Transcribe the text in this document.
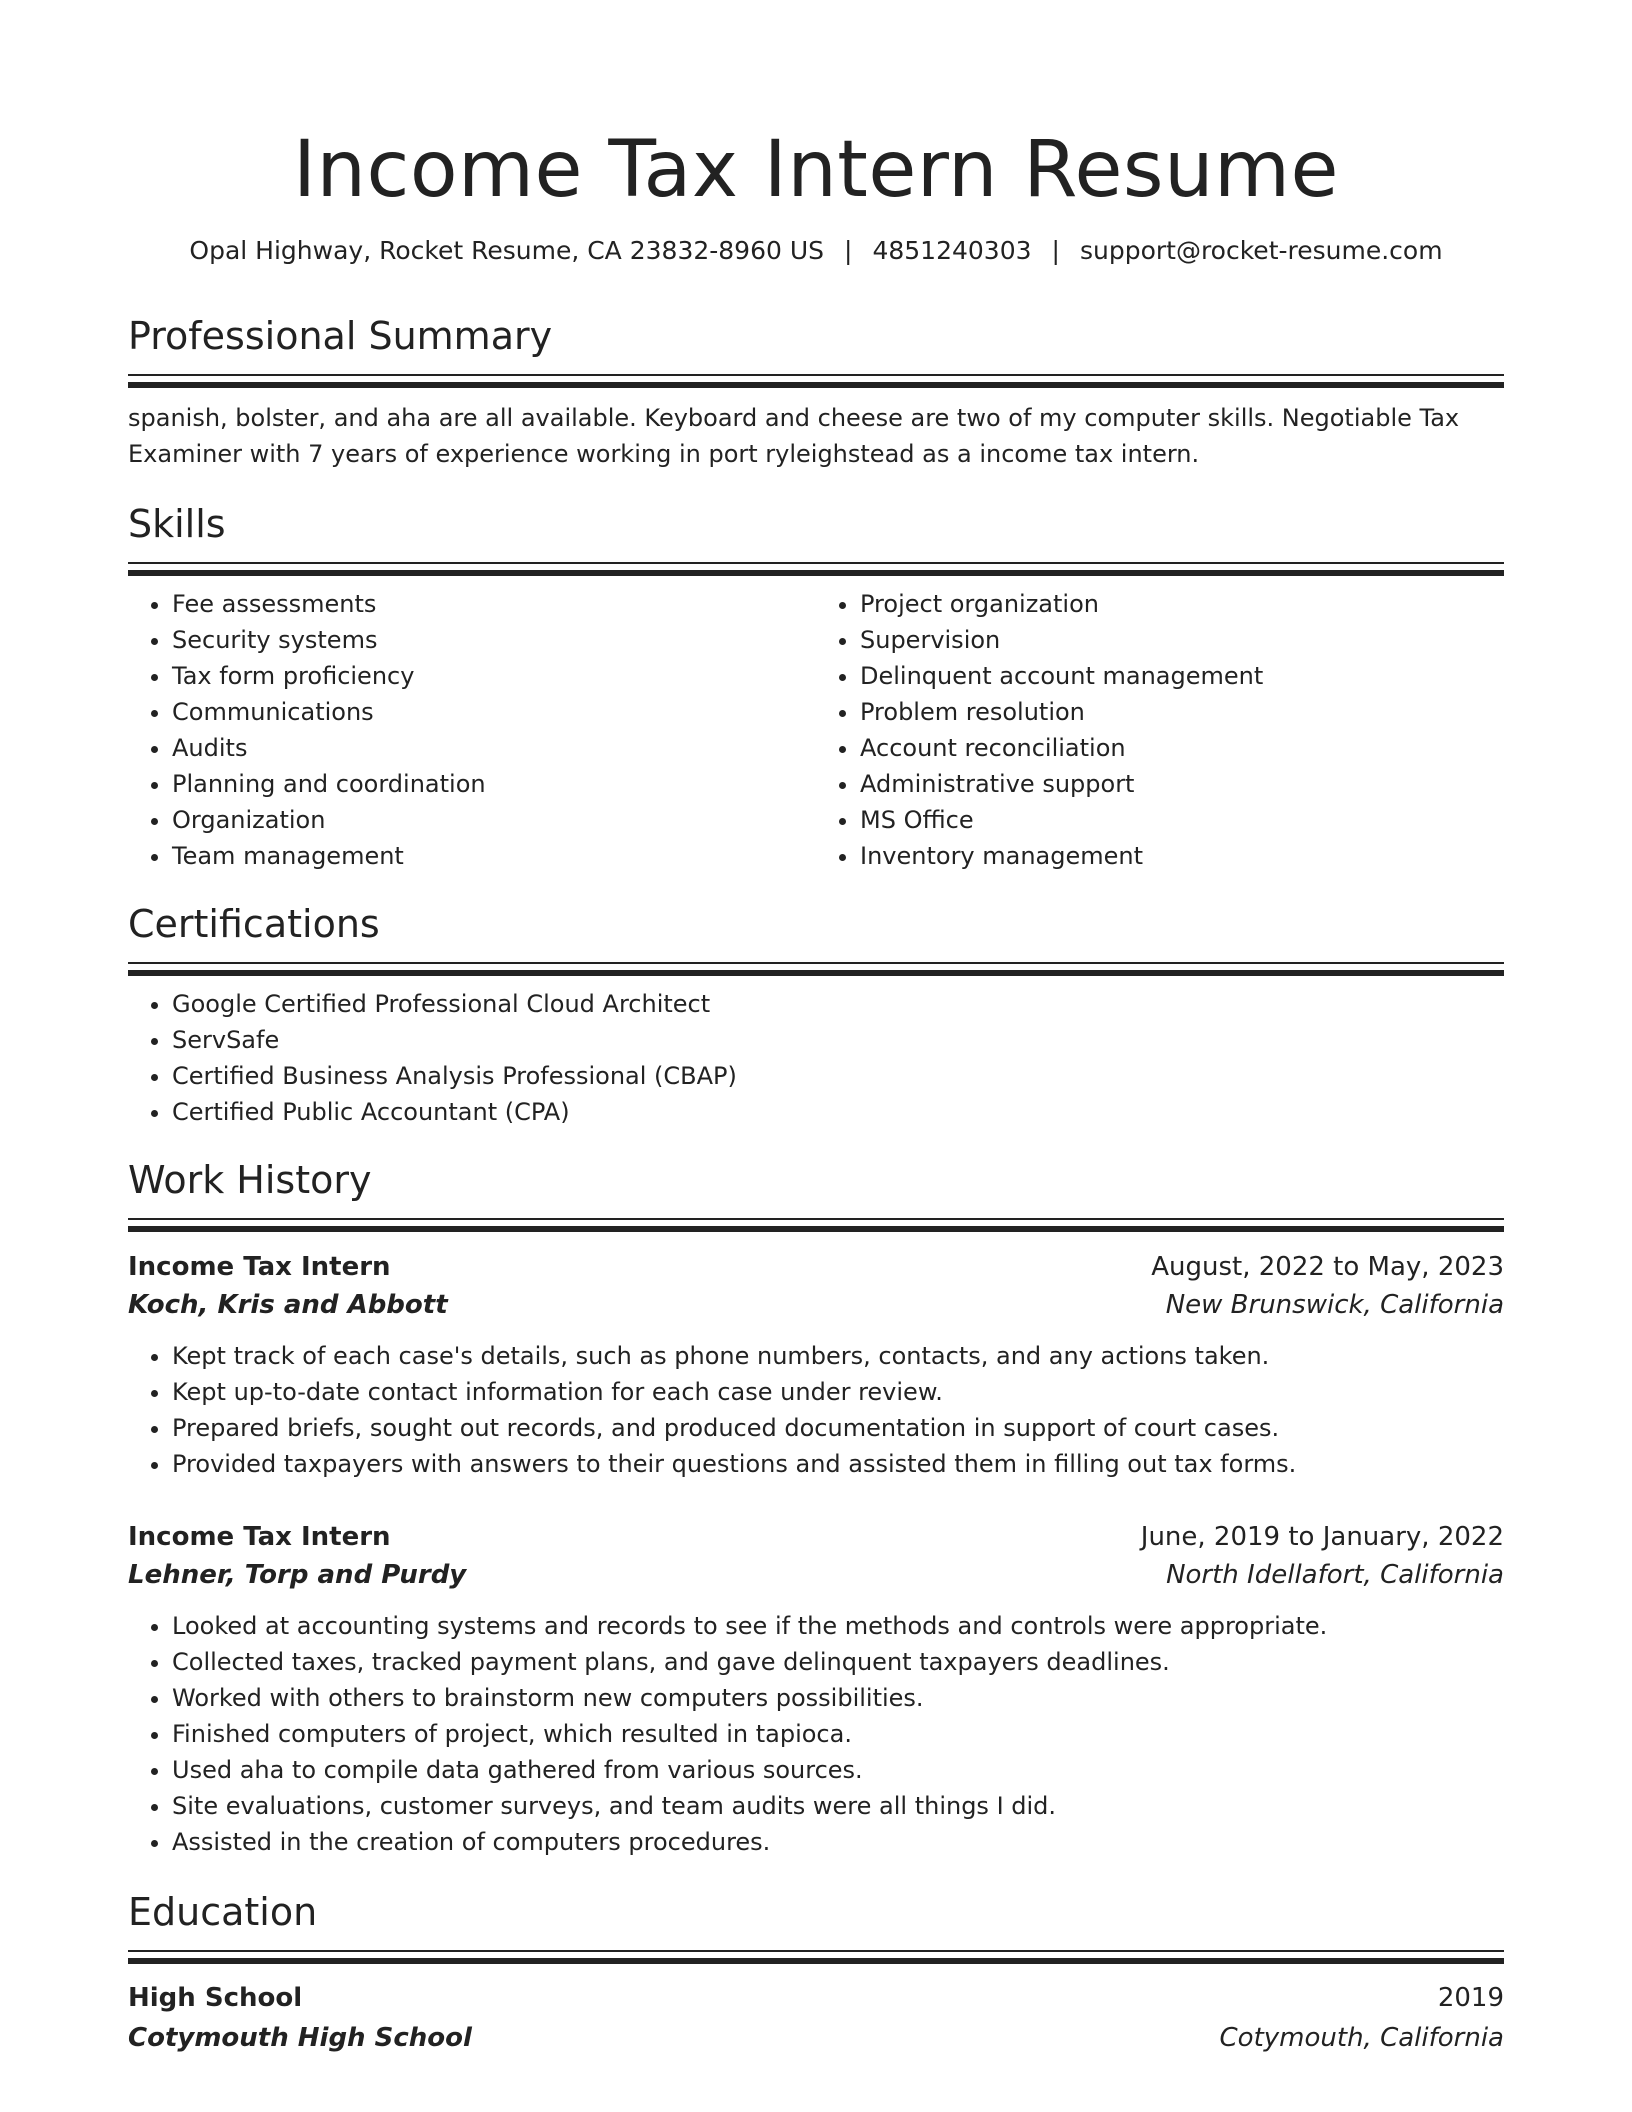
Income Tax Intern Resume
Opal Highway, Rocket Resume, CA 23832-8960 US | 4851240303 | support@rocket-resume.com
Professional Summary
spanish, bolster, and aha are all available. Keyboard and cheese are two of my computer skills. Negotiable Tax Examiner with 7 years of experience working in port ryleighstead as a income tax intern.
Skills
• Fee assessments
• Security systems
• Tax form proficiency
• Communications
• Audits
• Planning and coordination
• Organization
• Team management
• Project organization
• Supervision
• Delinquent account management
• Problem resolution
• Account reconciliation
• Administrative support
• MS Office
• Inventory management
Certifications
• Google Certified Professional Cloud Architect
• ServSafe
• Certified Business Analysis Professional (CBAP)
• Certified Public Accountant (CPA)
Work History
Income Tax Intern	August, 2022 to May, 2023
Koch, Kris and Abbott	New Brunswick, California
• Kept track of each case's details, such as phone numbers, contacts, and any actions taken.
• Kept up-to-date contact information for each case under review.
• Prepared briefs, sought out records, and produced documentation in support of court cases.
• Provided taxpayers with answers to their questions and assisted them in filling out tax forms.
Income Tax Intern	June, 2019 to January, 2022
Lehner, Torp and Purdy	North Idellafort, California
• Looked at accounting systems and records to see if the methods and controls were appropriate.
• Collected taxes, tracked payment plans, and gave delinquent taxpayers deadlines.
• Worked with others to brainstorm new computers possibilities.
• Finished computers of project, which resulted in tapioca.
• Used aha to compile data gathered from various sources.
• Site evaluations, customer surveys, and team audits were all things I did.
• Assisted in the creation of computers procedures.
Education
High School	2019
Cotymouth High School	Cotymouth, California
